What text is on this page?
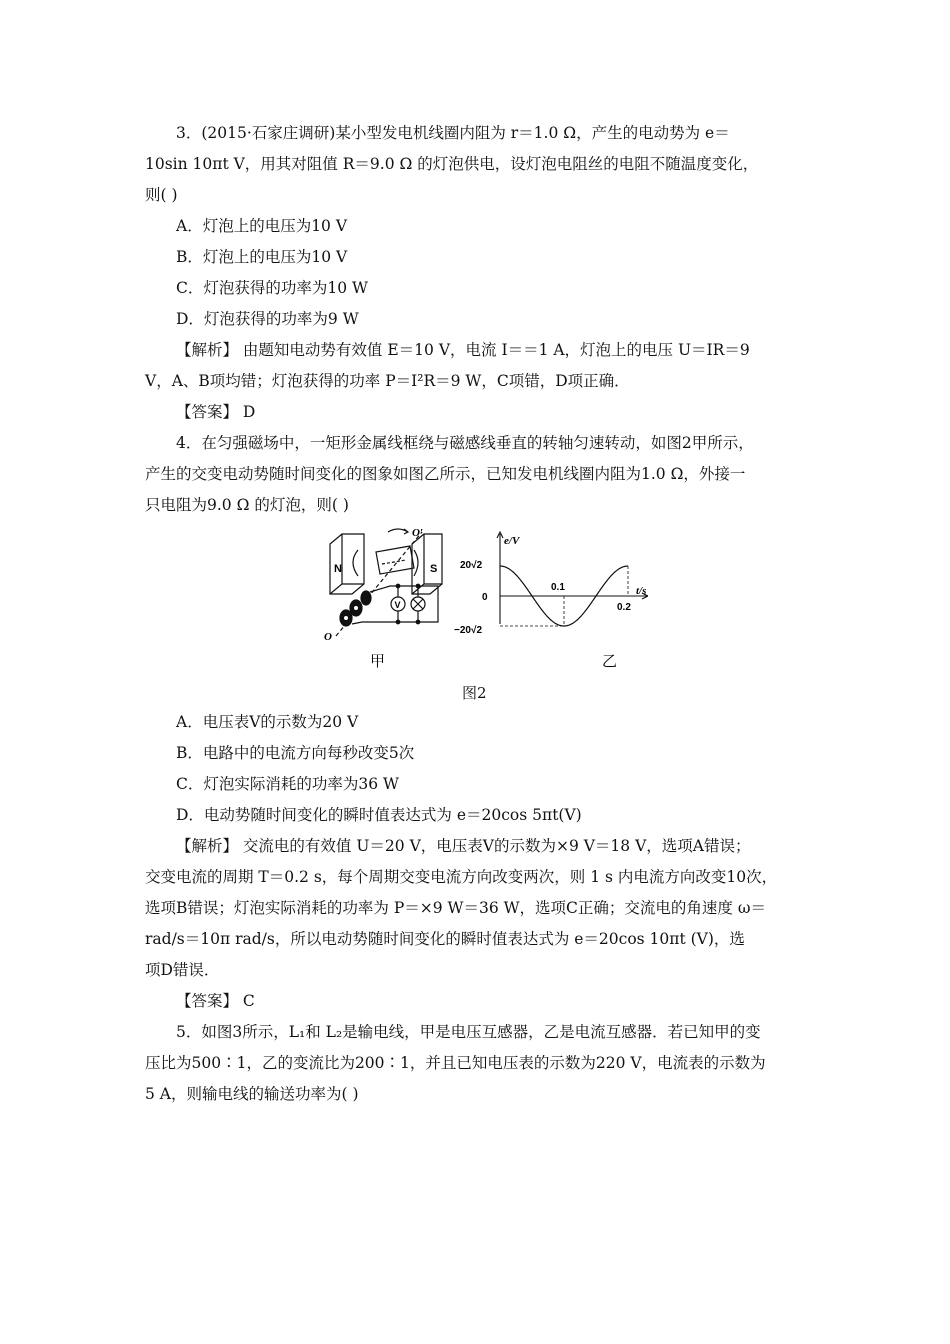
3．(2015·石家庄调研)某小型发电机线圈内阻为 r＝1.0 Ω，产生的电动势为 e＝
10sin 10πt V，用其对阻值 R＝9.0 Ω 的灯泡供电，设灯泡电阻丝的电阻不随温度变化，
则( )
A．灯泡上的电压为10 V
B．灯泡上的电压为10 V
C．灯泡获得的功率为10 W
D．灯泡获得的功率为9 W
【解析】 由题知电动势有效值 E＝10 V，电流 I＝＝1 A，灯泡上的电压 U＝IR＝9
V，A、B项均错；灯泡获得的功率 P＝I²R＝9 W，C项错，D项正确．
【答案】 D
4．在匀强磁场中，一矩形金属线框绕与磁感线垂直的转轴匀速转动，如图2甲所示，
产生的交变电动势随时间变化的图象如图乙所示，已知发电机线圈内阻为1.0 Ω，外接一
只电阻为9.0 Ω 的灯泡，则( )
A．电压表V的示数为20 V
B．电路中的电流方向每秒改变5次
C．灯泡实际消耗的功率为36 W
D．电动势随时间变化的瞬时值表达式为 e＝20cos 5πt(V)
【解析】 交流电的有效值 U＝20 V，电压表V的示数为×9 V＝18 V，选项A错误；
交变电流的周期 T＝0.2 s，每个周期交变电流方向改变两次，则 1 s 内电流方向改变10次，
选项B错误；灯泡实际消耗的功率为 P＝×9 W＝36 W，选项C正确；交流电的角速度 ω＝
rad/s＝10π rad/s，所以电动势随时间变化的瞬时值表达式为 e＝20cos 10πt (V)，选
项D错误．
【答案】 C
5．如图3所示，L₁和 L₂是输电线，甲是电压互感器，乙是电流互感器．若已知甲的变
压比为500∶1，乙的变流比为200∶1，并且已知电压表的示数为220 V，电流表的示数为
5 A，则输电线的输送功率为( )
N	S
O′
O
V
e/V
t/s
20√2
0
−20√2
0.1
0.2
甲	乙
图2
